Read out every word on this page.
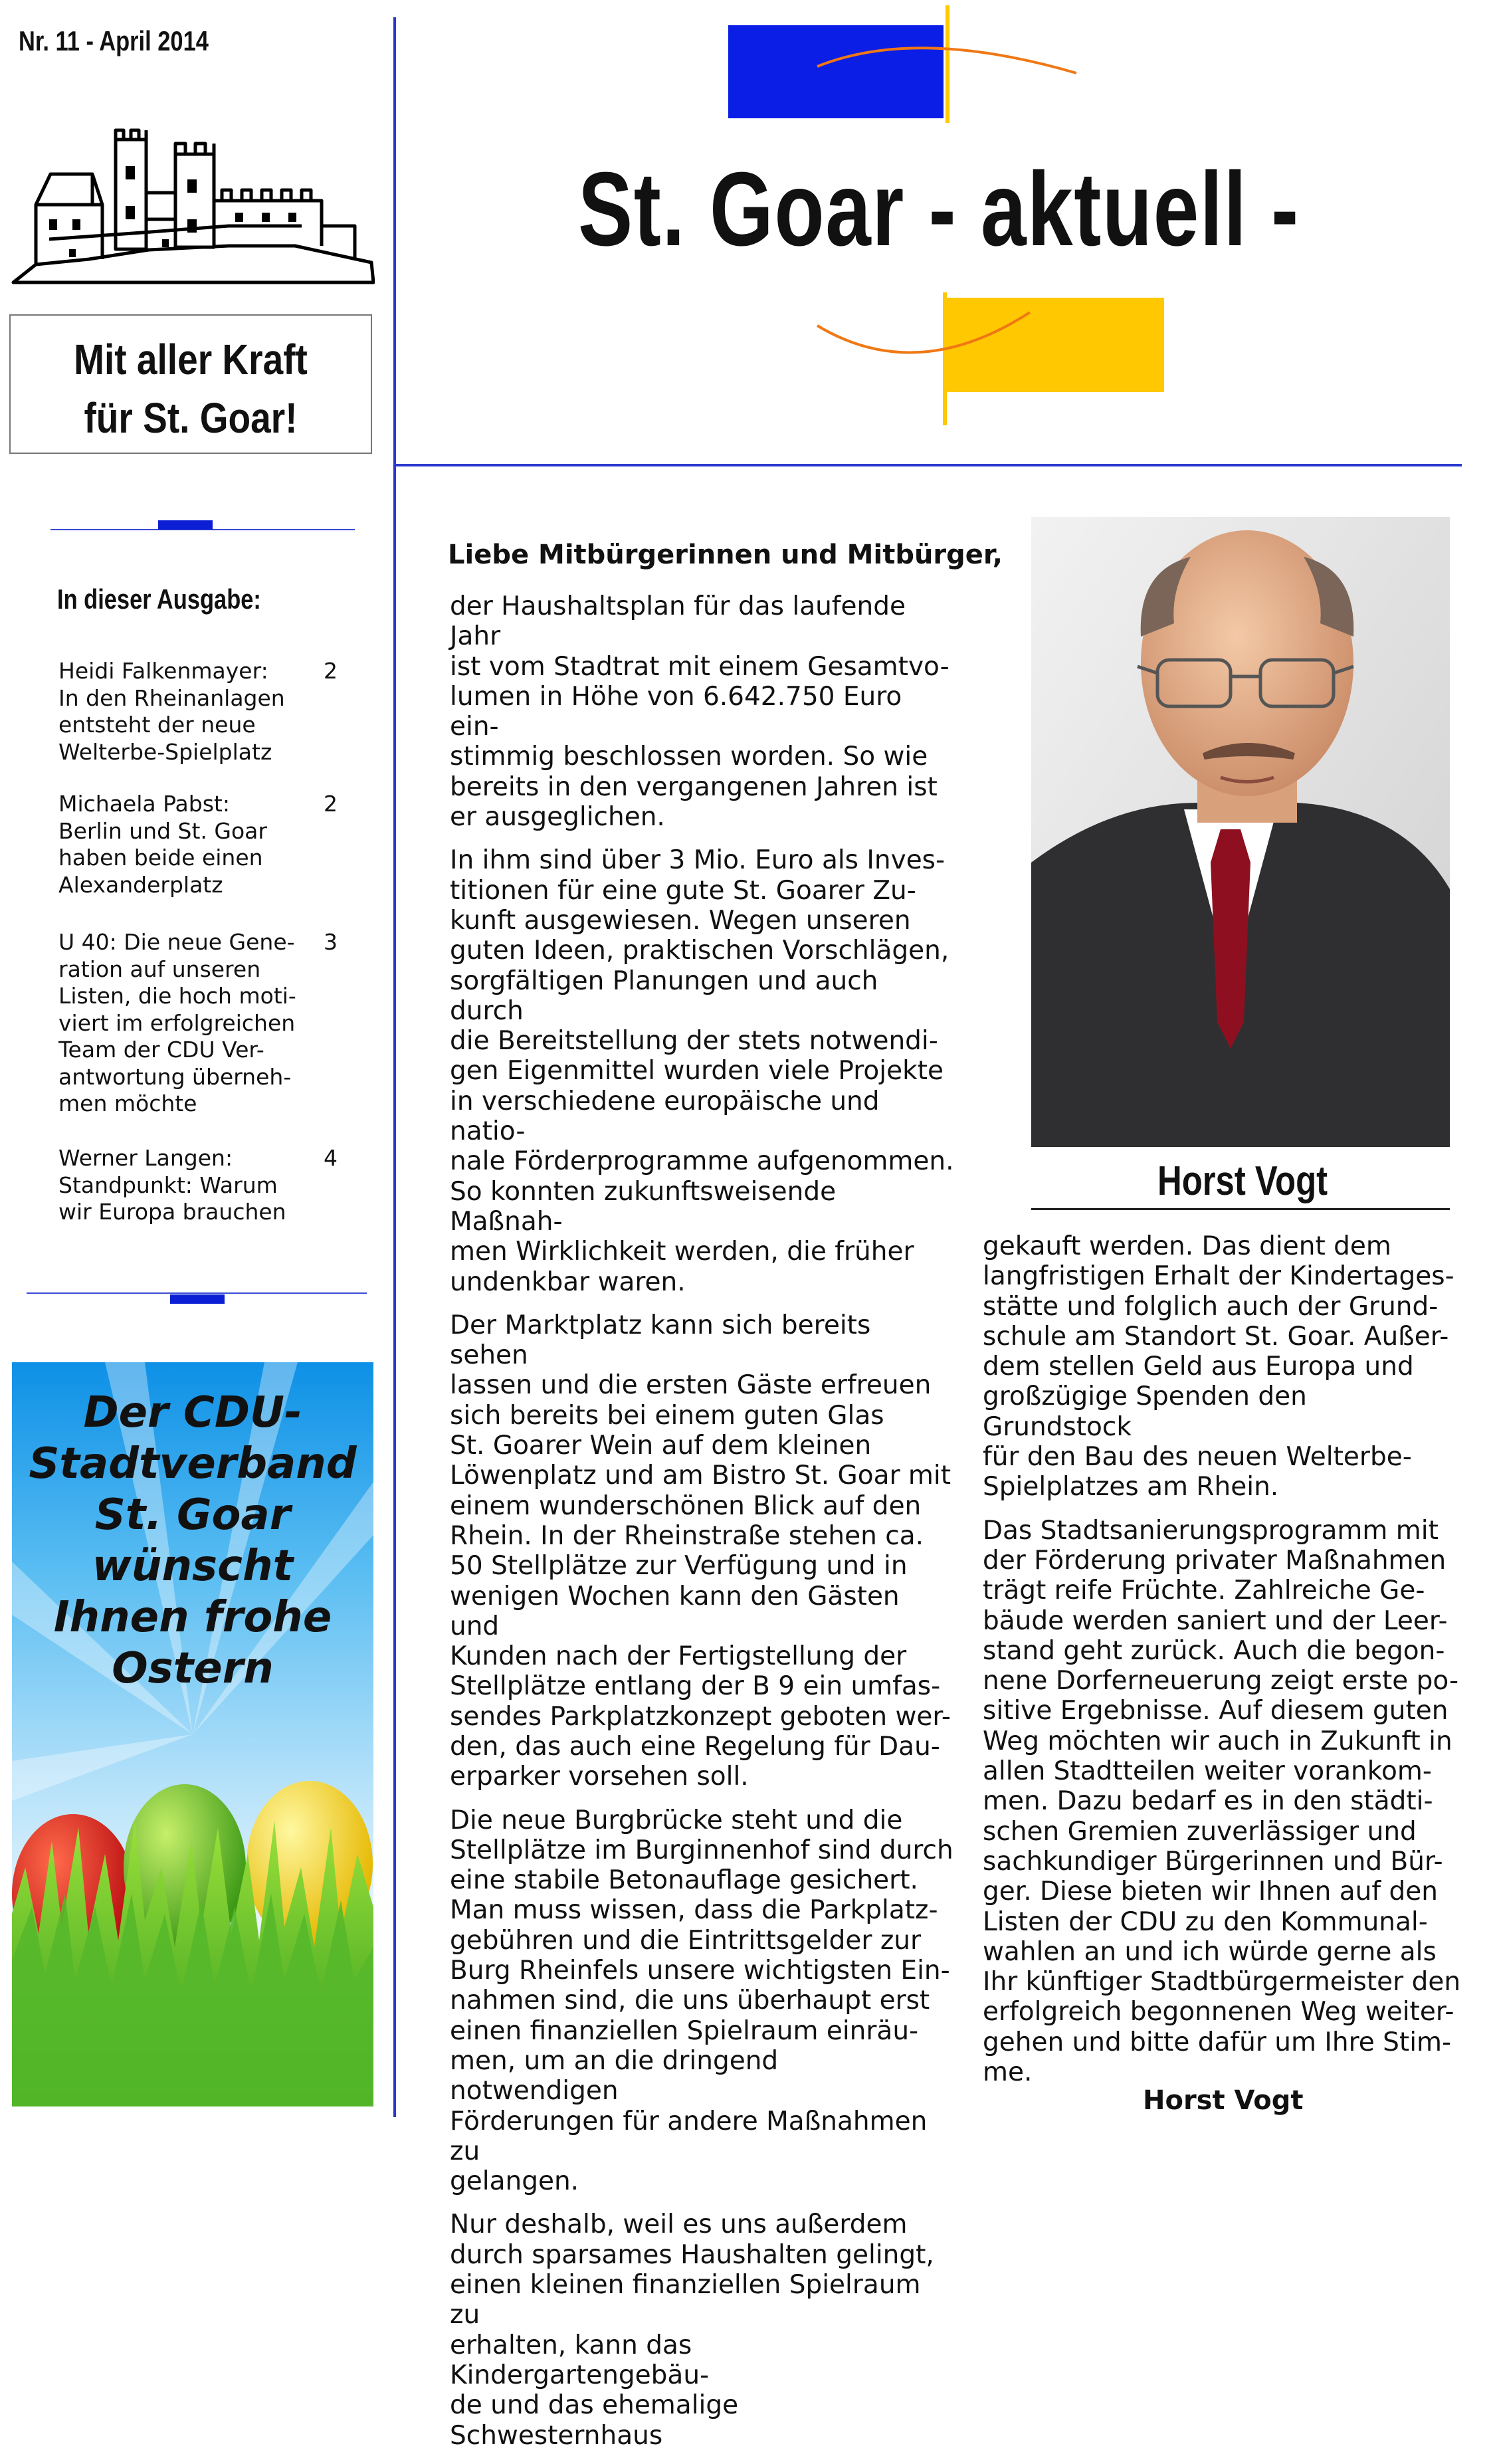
Nr. 11 - April 2014
St. Goar - aktuell -
Mit aller Kraft
für St. Goar!
In dieser Ausgabe:
Heidi Falkenmayer:
In den Rheinanlagen
entsteht der neue
Welterbe-Spielplatz
2
Michaela Pabst:
Berlin und St. Goar
haben beide einen
Alexanderplatz
2
U 40: Die neue Gene-
ration auf unseren
Listen, die hoch moti-
viert im erfolgreichen
Team der CDU Ver-
antwortung überneh-
men möchte
3
Werner Langen:
Standpunkt: Warum
wir Europa brauchen
4
Der CDU-
Stadtverband
St. Goar
wünscht
Ihnen frohe
Ostern
Liebe Mitbürgerinnen und Mitbürger,

der Haushaltsplan für das laufende Jahr
ist vom Stadtrat mit einem Gesamtvo-
lumen in Höhe von 6.642.750 Euro ein-
stimmig beschlossen worden. So wie
bereits in den vergangenen Jahren ist
er ausgeglichen.

In ihm sind über 3 Mio. Euro als Inves-
titionen für eine gute St. Goarer Zu-
kunft ausgewiesen. Wegen unseren
guten Ideen, praktischen Vorschlägen,
sorgfältigen Planungen und auch durch
die Bereitstellung der stets notwendi-
gen Eigenmittel wurden viele Projekte
in verschiedene europäische und natio-
nale Förderprogramme aufgenommen.
So konnten zukunftsweisende Maßnah-
men Wirklichkeit werden, die früher
undenkbar waren.

Der Marktplatz kann sich bereits sehen
lassen und die ersten Gäste erfreuen
sich bereits bei einem guten Glas
St. Goarer Wein auf dem kleinen
Löwenplatz und am Bistro St. Goar mit
einem wunderschönen Blick auf den
Rhein. In der Rheinstraße stehen ca.
50 Stellplätze zur Verfügung und in
wenigen Wochen kann den Gästen und
Kunden nach der Fertigstellung der
Stellplätze entlang der B 9 ein umfas-
sendes Parkplatzkonzept geboten wer-
den, das auch eine Regelung für Dau-
erparker vorsehen soll.

Die neue Burgbrücke steht und die
Stellplätze im Burginnenhof sind durch
eine stabile Betonauflage gesichert.
Man muss wissen, dass die Parkplatz-
gebühren und die Eintrittsgelder zur
Burg Rheinfels unsere wichtigsten Ein-
nahmen sind, die uns überhaupt erst
einen finanziellen Spielraum einräu-
men, um an die dringend notwendigen
Förderungen für andere Maßnahmen zu
gelangen.

Nur deshalb, weil es uns außerdem
durch sparsames Haushalten gelingt,
einen kleinen finanziellen Spielraum zu
erhalten, kann das Kindergartengebäu-
de und das ehemalige Schwesternhaus

Horst Vogt

gekauft werden. Das dient dem
langfristigen Erhalt der Kindertages-
stätte und folglich auch der Grund-
schule am Standort St. Goar. Außer-
dem stellen Geld aus Europa und
großzügige Spenden den Grundstock
für den Bau des neuen Welterbe-
Spielplatzes am Rhein.

Das Stadtsanierungsprogramm mit
der Förderung privater Maßnahmen
trägt reife Früchte. Zahlreiche Ge-
bäude werden saniert und der Leer-
stand geht zurück. Auch die begon-
nene Dorferneuerung zeigt erste po-
sitive Ergebnisse. Auf diesem guten
Weg möchten wir auch in Zukunft in
allen Stadtteilen weiter vorankom-
men. Dazu bedarf es in den städti-
schen Gremien zuverlässiger und
sachkundiger Bürgerinnen und Bür-
ger. Diese bieten wir Ihnen auf den
Listen der CDU zu den Kommunal-
wahlen an und ich würde gerne als
Ihr künftiger Stadtbürgermeister den
erfolgreich begonnenen Weg weiter-
gehen und bitte dafür um Ihre Stim-
me.

Horst Vogt
